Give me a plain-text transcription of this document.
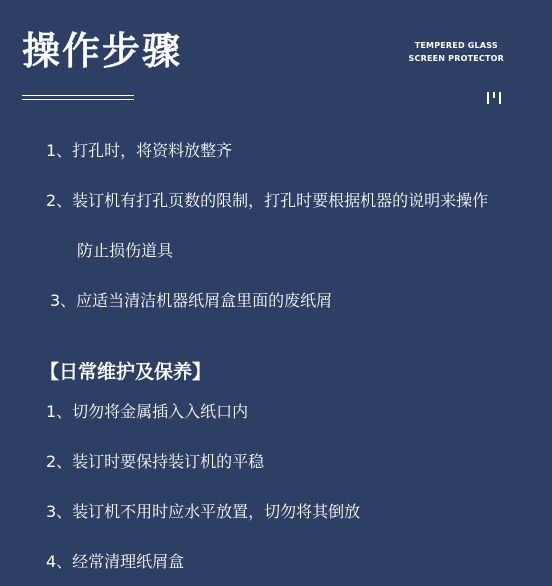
操作步骤	TEMPERED GLASS
SCREEN PROTECTOR

1、打孔时，将资料放整齐

2、装订机有打孔页数的限制，打孔时要根据机器的说明来操作

防止损伤道具

3、应适当清洁机器纸屑盒里面的废纸屑

【日常维护及保养】

1、切勿将金属插入入纸口内

2、装订时要保持装订机的平稳

3、装订机不用时应水平放置，切勿将其倒放

4、经常清理纸屑盒
